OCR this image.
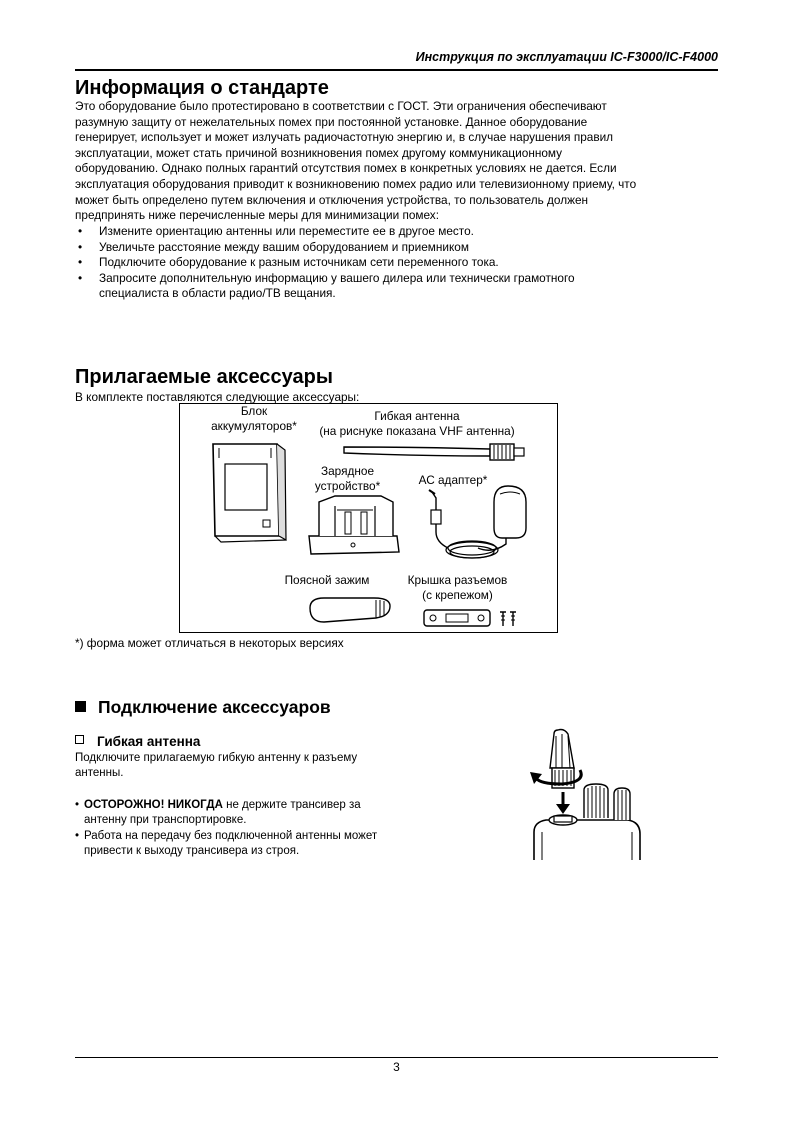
Инструкция по эксплуатации IC-F3000/IC-F4000
Информация о стандарте
Это оборудование было протестировано в соответствии с ГОСТ. Эти ограничения обеспечивают
разумную защиту от нежелательных помех при постоянной установке. Данное оборудование
генерирует, использует и может излучать радиочастотную энергию и, в случае нарушения правил
эксплуатации, может стать причиной возникновения помех другому коммуникационному
оборудованию. Однако полных гарантий отсутствия помех в конкретных условиях не дается. Если
эксплуатация оборудования приводит к возникновению помех радио или телевизионному приему, что
может быть определено путем включения и отключения устройства, то пользователь должен
предпринять ниже перечисленные меры для минимизации помех:
• Измените ориентацию антенны или переместите ее в другое место.
• Увеличьте расстояние между вашим оборудованием и приемником
• Подключите оборудование к разным источникам сети переменного тока.
• Запросите дополнительную информацию у вашего дилера или технически грамотного
специалиста в области радио/ТВ вещания.
Прилагаемые аксессуары
В комплекте поставляются следующие аксессуары:
Блок
аккумуляторов*
Гибкая антенна
(на риснуке показана VHF антенна)
Зарядное
устройство*	АС адаптер*
Поясной зажим	Крышка разъемов
(с крепежом)
*) форма может отличаться в некоторых версиях
Подключение аксессуаров
Гибкая антенна
Подключите прилагаемую гибкую антенну к разъему
антенны.
• ОСТОРОЖНО! НИКОГДА не держите трансивер за
антенну при транспортировке.
• Работа на передачу без подключенной антенны может
привести к выходу трансивера из строя.
3
